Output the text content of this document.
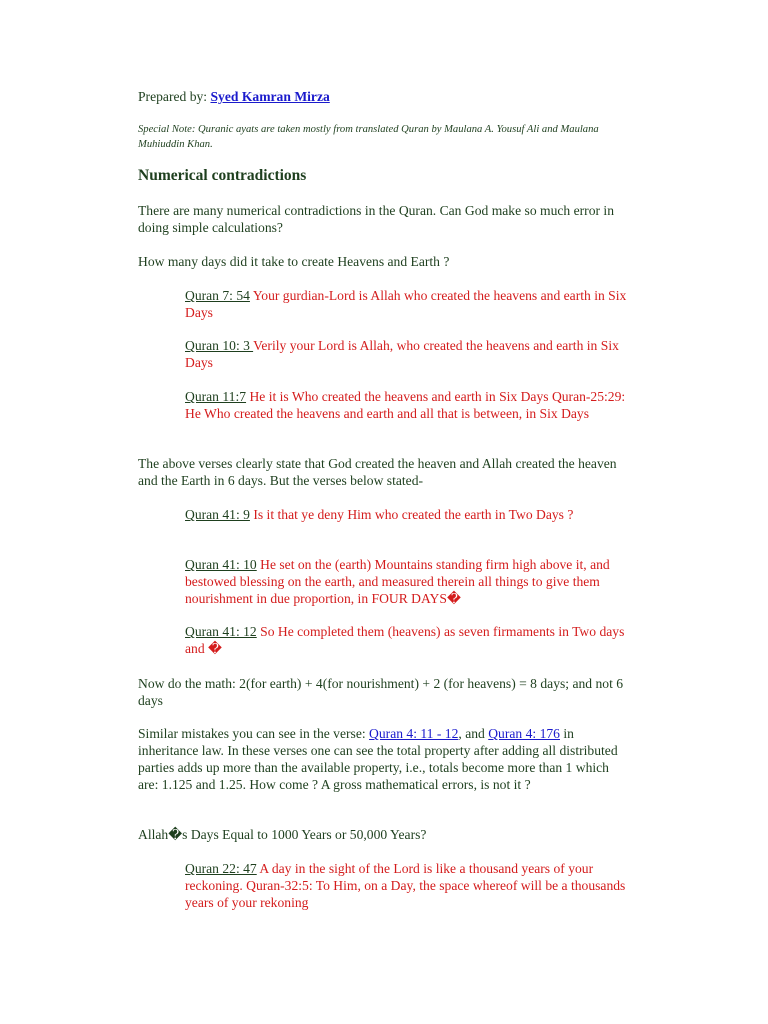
Prepared by: Syed Kamran Mirza
Special Note: Quranic ayats are taken mostly from translated Quran by Maulana A. Yousuf Ali and Maulana Muhiuddin Khan.
Numerical contradictions
There are many numerical contradictions in the Quran. Can God make so much error in doing simple calculations?
How many days did it take to create Heavens and Earth ?
Quran 7: 54 Your gurdian-Lord is Allah who created the heavens and earth in Six Days
Quran 10: 3 Verily your Lord is Allah, who created the heavens and earth in Six Days
Quran 11:7 He it is Who created the heavens and earth in Six Days Quran-25:29: He Who created the heavens and earth and all that is between, in Six Days
The above verses clearly state that God created the heaven and Allah created the heaven and the Earth in 6 days. But the verses below stated-
Quran 41: 9 Is it that ye deny Him who created the earth in Two Days ?
Quran 41: 10 He set on the (earth) Mountains standing firm high above it, and bestowed blessing on the earth, and measured therein all things to give them nourishment in due proportion, in FOUR DAYS�
Quran 41: 12 So He completed them (heavens) as seven firmaments in Two days and �
Now do the math: 2(for earth) + 4(for nourishment) + 2 (for heavens) = 8 days; and not 6 days
Similar mistakes you can see in the verse: Quran 4: 11 - 12, and Quran 4: 176 in inheritance law. In these verses one can see the total property after adding all distributed parties adds up more than the available property, i.e., totals become more than 1 which are: 1.125 and 1.25. How come ? A gross mathematical errors, is not it ?
Allah�s Days Equal to 1000 Years or 50,000 Years?
Quran 22: 47 A day in the sight of the Lord is like a thousand years of your reckoning. Quran-32:5: To Him, on a Day, the space whereof will be a thousands years of your rekoning
